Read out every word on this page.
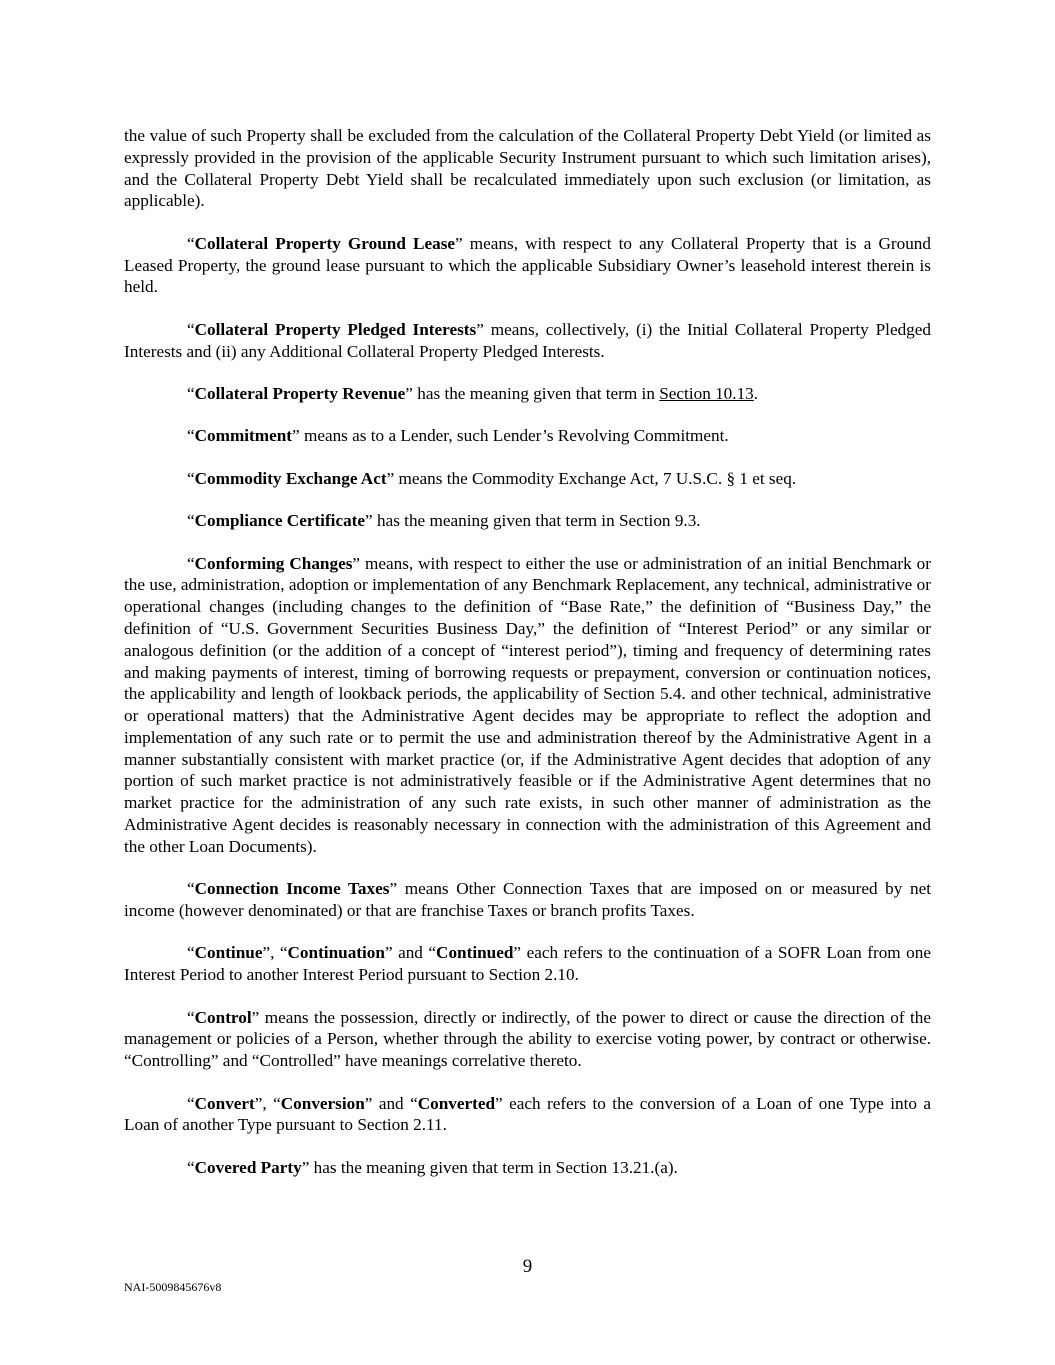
the value of such Property shall be excluded from the calculation of the Collateral Property Debt Yield (or limited as expressly provided in the provision of the applicable Security Instrument pursuant to which such limitation arises), and the Collateral Property Debt Yield shall be recalculated immediately upon such exclusion (or limitation, as applicable).

“Collateral Property Ground Lease” means, with respect to any Collateral Property that is a Ground Leased Property, the ground lease pursuant to which the applicable Subsidiary Owner’s leasehold interest therein is held.

“Collateral Property Pledged Interests” means, collectively, (i) the Initial Collateral Property Pledged Interests and (ii) any Additional Collateral Property Pledged Interests.

“Collateral Property Revenue” has the meaning given that term in Section 10.13.

“Commitment” means as to a Lender, such Lender’s Revolving Commitment.

“Commodity Exchange Act” means the Commodity Exchange Act, 7 U.S.C. § 1 et seq.

“Compliance Certificate” has the meaning given that term in Section 9.3.

“Conforming Changes” means, with respect to either the use or administration of an initial Benchmark or the use, administration, adoption or implementation of any Benchmark Replacement, any technical, administrative or operational changes (including changes to the definition of “Base Rate,” the definition of “Business Day,” the definition of “U.S. Government Securities Business Day,” the definition of “Interest Period” or any similar or analogous definition (or the addition of a concept of “interest period”), timing and frequency of determining rates and making payments of interest, timing of borrowing requests or prepayment, conversion or continuation notices, the applicability and length of lookback periods, the applicability of Section 5.4. and other technical, administrative or operational matters) that the Administrative Agent decides may be appropriate to reflect the adoption and implementation of any such rate or to permit the use and administration thereof by the Administrative Agent in a manner substantially consistent with market practice (or, if the Administrative Agent decides that adoption of any portion of such market practice is not administratively feasible or if the Administrative Agent determines that no market practice for the administration of any such rate exists, in such other manner of administration as the Administrative Agent decides is reasonably necessary in connection with the administration of this Agreement and the other Loan Documents).

“Connection Income Taxes” means Other Connection Taxes that are imposed on or measured by net income (however denominated) or that are franchise Taxes or branch profits Taxes.

“Continue”, “Continuation” and “Continued” each refers to the continuation of a SOFR Loan from one Interest Period to another Interest Period pursuant to Section 2.10.

“Control” means the possession, directly or indirectly, of the power to direct or cause the direction of the management or policies of a Person, whether through the ability to exercise voting power, by contract or otherwise. “Controlling” and “Controlled” have meanings correlative thereto.

“Convert”, “Conversion” and “Converted” each refers to the conversion of a Loan of one Type into a Loan of another Type pursuant to Section 2.11.

“Covered Party” has the meaning given that term in Section 13.21.(a).

9
NAI-5009845676v8
